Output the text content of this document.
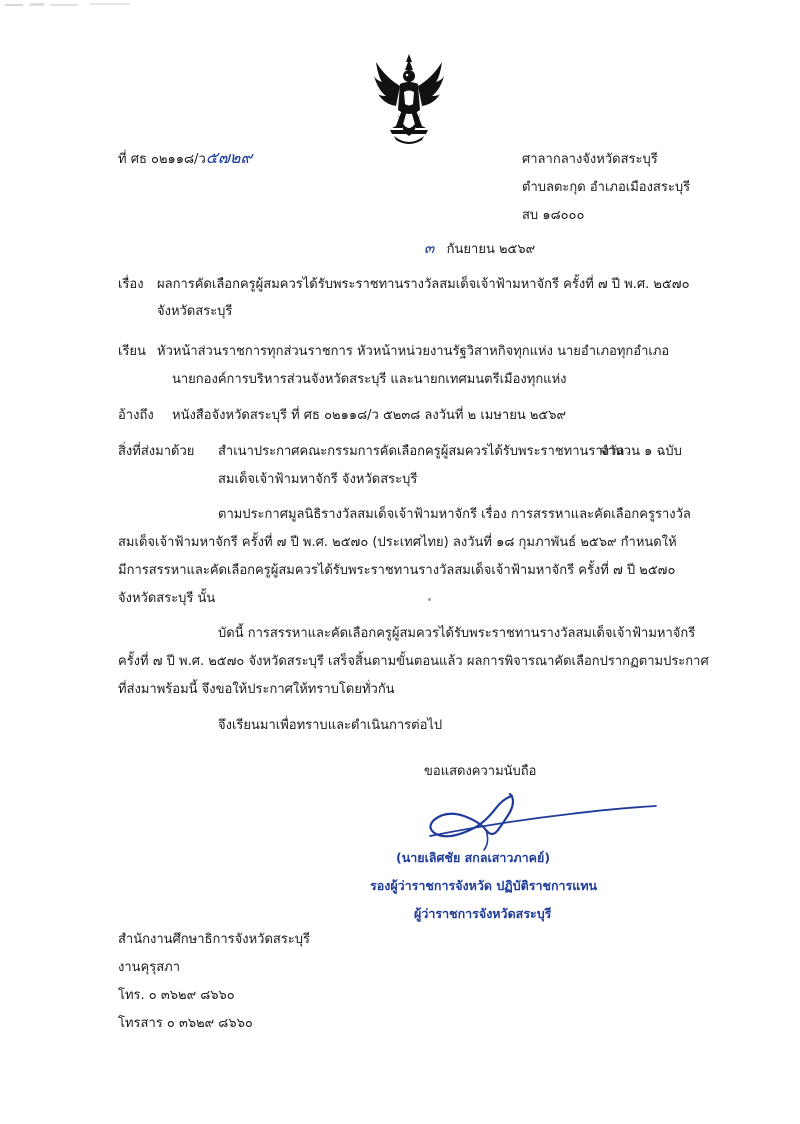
ที่ ศธ ๐๒๑๑๘/ว๕๗๒๙	ศาลากลางจังหวัดสระบุรี
ตำบลตะกุด อำเภอเมืองสระบุรี
สบ ๑๘๐๐๐
๓ กันยายน ๒๕๖๙
เรื่อง ผลการคัดเลือกครูผู้สมควรได้รับพระราชทานรางวัลสมเด็จเจ้าฟ้ามหาจักรี ครั้งที่ ๗ ปี พ.ศ. ๒๕๗๐
จังหวัดสระบุรี
เรียน หัวหน้าส่วนราชการทุกส่วนราชการ หัวหน้าหน่วยงานรัฐวิสาหกิจทุกแห่ง นายอำเภอทุกอำเภอ
นายกองค์การบริหารส่วนจังหวัดสระบุรี และนายกเทศมนตรีเมืองทุกแห่ง
อ้างถึง หนังสือจังหวัดสระบุรี ที่ ศธ ๐๒๑๑๘/ว ๕๒๓๘ ลงวันที่ ๒ เมษายน ๒๕๖๙
สิ่งที่ส่งมาด้วย สำเนาประกาศคณะกรรมการคัดเลือกครูผู้สมควรได้รับพระราชทานรางวัล
จำนวน ๑ ฉบับ
สมเด็จเจ้าฟ้ามหาจักรี จังหวัดสระบุรี
ตามประกาศมูลนิธิรางวัลสมเด็จเจ้าฟ้ามหาจักรี เรื่อง การสรรหาและคัดเลือกครูรางวัล
สมเด็จเจ้าฟ้ามหาจักรี ครั้งที่ ๗ ปี พ.ศ. ๒๕๗๐ (ประเทศไทย) ลงวันที่ ๑๘ กุมภาพันธ์ ๒๕๖๙ กำหนดให้
มีการสรรหาและคัดเลือกครูผู้สมควรได้รับพระราชทานรางวัลสมเด็จเจ้าฟ้ามหาจักรี ครั้งที่ ๗ ปี ๒๕๗๐
จังหวัดสระบุรี นั้น
บัดนี้ การสรรหาและคัดเลือกครูผู้สมควรได้รับพระราชทานรางวัลสมเด็จเจ้าฟ้ามหาจักรี
ครั้งที่ ๗ ปี พ.ศ. ๒๕๗๐ จังหวัดสระบุรี เสร็จสิ้นตามขั้นตอนแล้ว ผลการพิจารณาคัดเลือกปรากฏตามประกาศ
ที่ส่งมาพร้อมนี้ จึงขอให้ประกาศให้ทราบโดยทั่วกัน
จึงเรียนมาเพื่อทราบและดำเนินการต่อไป
ขอแสดงความนับถือ
(นายเลิศชัย สกลเสาวภาคย์)
รองผู้ว่าราชการจังหวัด ปฏิบัติราชการแทน
ผู้ว่าราชการจังหวัดสระบุรี
สำนักงานศึกษาธิการจังหวัดสระบุรี
งานคุรุสภา
โทร. ๐ ๓๖๒๙ ๘๖๖๐
โทรสาร ๐ ๓๖๒๙ ๘๖๖๐
